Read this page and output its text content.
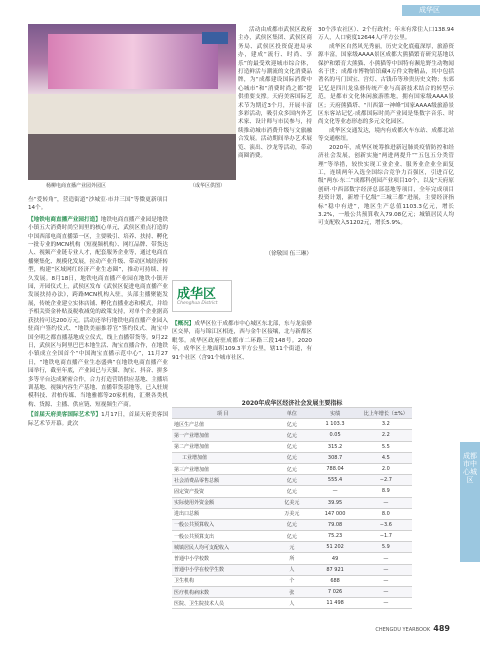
成华区
杨柳电商直播产业园外园区	（成华区供图）

叁“爱转角”，营造街道“沙城室·市井三国”等微更新项目14个。

【地铁电商直播产业园打造】地铁电商直播产业园是地铁小镇五大消费时尚空间里的核心单元，武侯区重点打造的中国西部电商直播第一区，主要吸引、培养、扶持、孵化一批专业的MCN机构（短视频机构）、网红品牌、带货达人、视频产业链专业人才，配套服务企业等，通过电商直播聚集化、规模化发展，拉动产业升级、带动区域经济转型，构建“区域网红经济产业生态圈”，推动可持续、持久发展。8月18日，地铁电商直播产业园在地铁小镇开园，开园仪式上，武侯区发布《武侯区促进电商直播产业发展扶持办法》，跨路MCN机构入驻，头部主播聚能发展，传统企业建立实体店铺、孵化直播业态和模式，并给予相关资金补贴及税收减免的政策支持，对单个企业据高获扶持可达200万元。活动还举行地铁电商直播产业园入驻商户签约仪式、“地铁美丽推荐官”签约仪式、淘宝中国全明之都直播基地成立仪式，线上直播带货等。9月22日，武侯区与阿里巴巴本地生活、淘宝直播合作，在地铁小镇成立全国首个“中国淘宝直播示范中心”，11月27日，“地铁电商直播产业生态盛典”在地铁电商直播产业园举行，截至年底，产业园已与天猫、淘宝、抖音、拼多多等平台达成紧密合作，合力打造营销供应基地、主播培训基地、视频内容生产基地、直播带货基地等，已入驻规模科技、君柏传媒、当地雅都等20家机构，汇聚各类机构、货源、主播、供应链、短视频生产商。

【首届天府美客国际艺术节】1月17日，首届天府美客国际艺术节开幕。此次

活动由成都市武侯区政府主办，武侯区集团、武侯区商务局、武侯区投资促进局承办，建成“流行、时尚、享乐”的最受欢迎城市综合体，打造鲜活与潮流的文化消费品牌，为“成都建设国际消费中心城市”和“消费时尚之都”提供重要支撑。天府美客国际艺术节为期近3个月，开展丰富多彩活动，吸引众多国内外艺术家、设计师与市民参与，持续推动城市消费升级与文旅融合发展。活动期间举办艺术展览、演出、沙龙等活动，带动商圈消费。

（徐敬国 伍三琳）
成华区
Chenghua District

【概况】成华区位于成都市中心城区东北部，东与龙泉驿区交界，南与锦江区相连，西与金牛区接壤，北与新都区毗邻。成华区政府驻成都市二环路三段148号。2020年，成华区土地面积109.3平方公里，辖11个街道，有91个社区（含91个城市社区、

30个涉农社区）、2个行政村；年末有常住人口138.94万人，人口密度12644人/平方公里。

成华区自然风光秀丽，历史文化底蕴深厚，旅游资源丰富，国家级AAAA景区成都大熊猫繁育研究基地以保护和繁育大熊猫、小熊猫等中国特有濒危野生动物闻名于世；成都市博物馆馆藏4万件文物精品，其中包括著名的马门国宝、宫灯、古钱币等珍贵历史文物；东郊记忆是四川龙泉驿传统产业与高新技术结合的转型示范，是都市文化休闲旅游胜地，拥有国家级AAAA景区；天府熊猫塔、“川西第一神峰”国家AAAA级旅游景区东客站记忆·成都国际时尚产业园是集数字音乐、时尚文化等业态形态的多元文化园区。

成华区交通发达，境内有成都火车东站、成都北站等交通枢纽。

2020年，成华区统筹推进新冠肺炎疫情防控和经济社会发展，创新实施“两进两提升”“五包五分类管理”等举措，较快实现工业企业、服务业企业全面复工，连续两年入选全国综合竞争力百强区，引进百亿级“两东·东二”成都科创园产业项目10个，以及“天府原创研·中西部数字经济总部基地等项目，全年完成项目投资计划，新增千亿级“三城三都”进展，主要经济指标“稳中有进”，地区生产总值1103.3亿元，增长3.2%，一般公共预算收入79.08亿元；城镇居民人均可支配收入51202元，增长5.9%。

2020年成华区经济社会发展主要指标
项 目	单位	实绩	比上年增长（±%）
地区生产总值	亿元	1 103.3	3.2
第一产业增加值	亿元	0.05	2.2
第二产业增加值	亿元	315.2	5.5
工业增加值	亿元	308.7	4.5
第三产业增加值	亿元	788.04	2.0
社会消费品零售总额	亿元	555.4	−2.7
固定资产投资	亿元	—	8.9
实际使用外资金额	亿美元	39.95	—
进出口总额	万美元	147 000	8.0
一般公共预算收入	亿元	79.08	−3.6
一般公共预算支出	亿元	75.23	−1.7
城镇居民人均可支配收入	元	51 202	5.9
普通中小学校数	所	49	—
普通中小学在校学生数	人	87 921	—
卫生机构	个	688	—
医疗机构病床数	张	7 026	—
医院、卫生院技术人员	人	11 498	—
成都市中心城区
CHENGDU YEARBOOK 489
